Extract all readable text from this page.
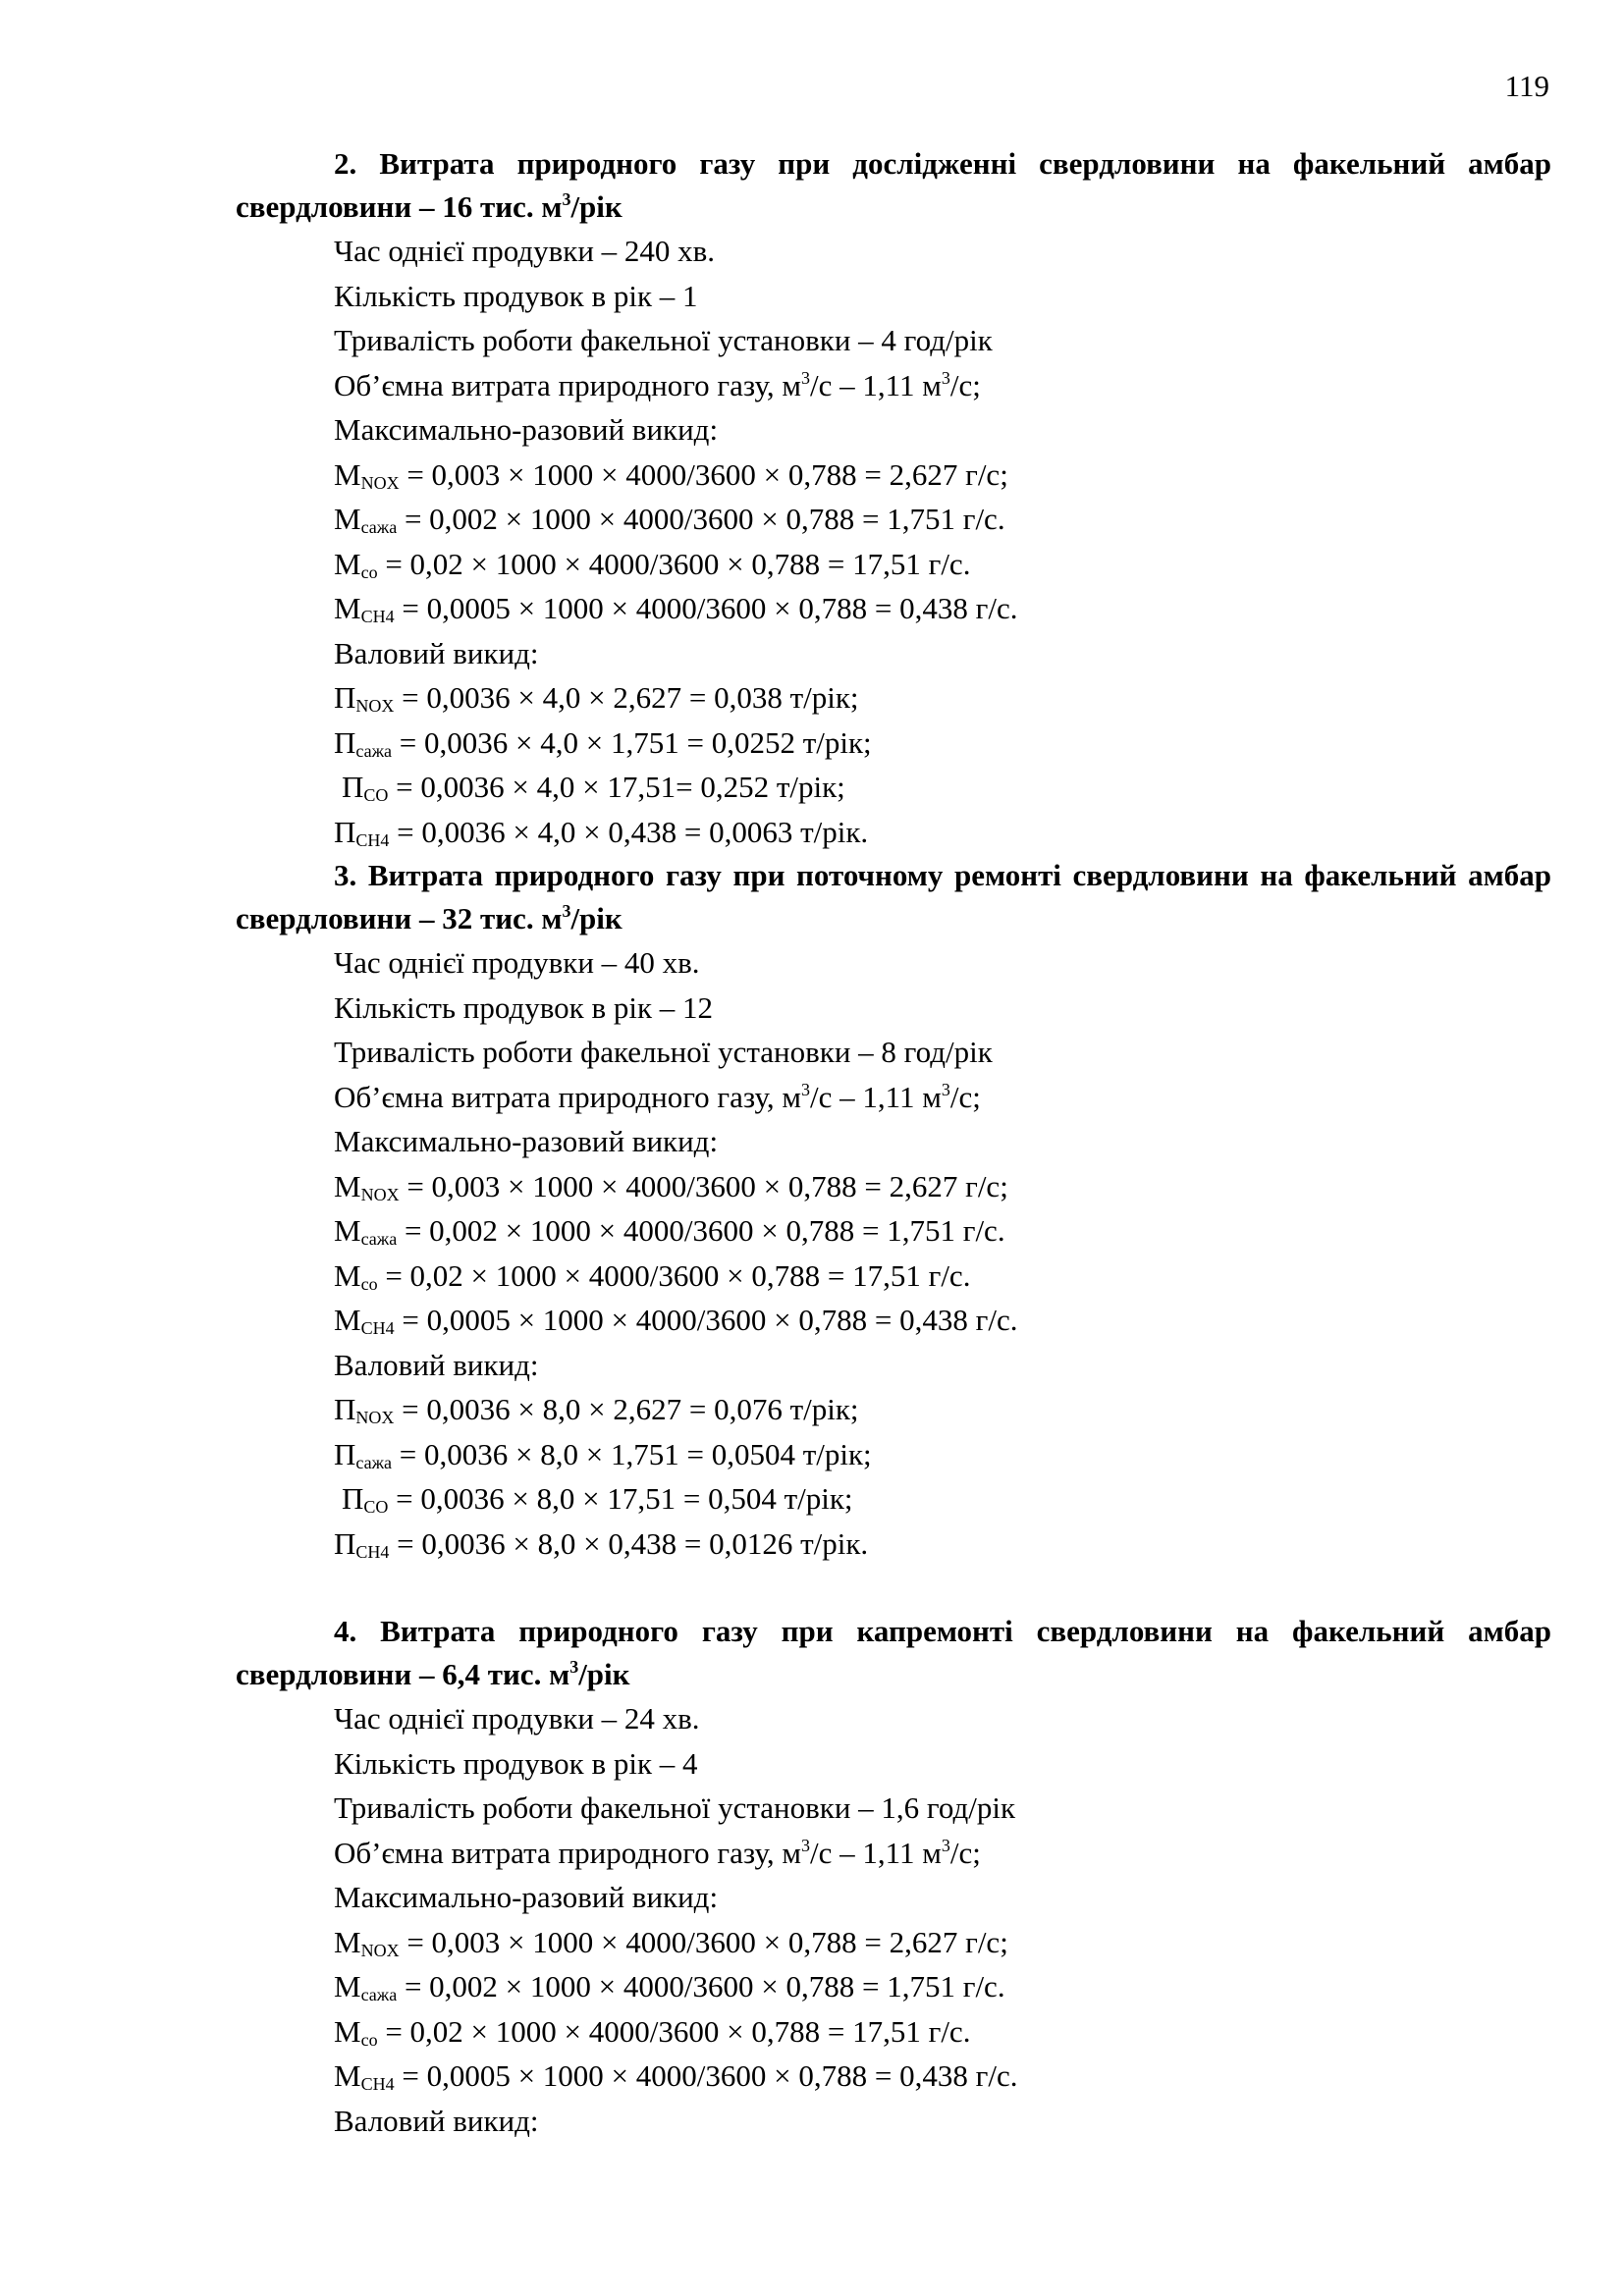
119

2. Витрата природного газу при дослідженні свердловини на факельний амбар свердловини – 16 тис. $м^3$/рік

Час однієї продувки – 240 хв.
Кількість продувок в рік – 1
Тривалість роботи факельної установки – 4 год/рік
Об’ємна витрата природного газу, $м^3/с - 1,11$ $м^3/с$;
Максимально-разовий викид:
$M_{NOX} = 0,003 \times 1000 \times 4000/3600 \times 0,788 = 2,627$ г/с;
$M_{сажа} = 0,002 \times 1000 \times 4000/3600 \times 0,788 = 1,751$ г/с.
$M_{со} = 0,02 \times 1000 \times 4000/3600 \times 0,788 = 17,51$ г/с.
$M_{CH4} = 0,0005 \times 1000 \times 4000/3600 \times 0,788 = 0,438$ г/с.
Валовий викид:
$П_{NOX} = 0,0036 \times 4,0 \times 2,627 = 0,038$ т/рік;
$П_{сажа} = 0,0036 \times 4,0 \times 1,751 = 0,0252$ т/рік;
$П_{CO} = 0,0036 \times 4,0 \times 17,51= 0,252$ т/рік;
$П_{CH4} = 0,0036 \times 4,0 \times 0,438 = 0,0063$ т/рік.

3. Витрата природного газу при поточному ремонті свердловини на факельний амбар свердловини – 32 тис. $м^3$/рік

Час однієї продувки – 40 хв.
Кількість продувок в рік – 12
Тривалість роботи факельної установки – 8 год/рік
Об’ємна витрата природного газу, $м^3/с - 1,11$ $м^3/с$;
Максимально-разовий викид:
$M_{NOX} = 0,003 \times 1000 \times 4000/3600 \times 0,788 = 2,627$ г/с;
$M_{сажа} = 0,002 \times 1000 \times 4000/3600 \times 0,788 = 1,751$ г/с.
$M_{со} = 0,02 \times 1000 \times 4000/3600 \times 0,788 = 17,51$ г/с.
$M_{CH4} = 0,0005 \times 1000 \times 4000/3600 \times 0,788 = 0,438$ г/с.
Валовий викид:
$П_{NOX} = 0,0036 \times 8,0 \times 2,627 = 0,076$ т/рік;
$П_{сажа} = 0,0036 \times 8,0 \times 1,751 = 0,0504$ т/рік;
$П_{CO} = 0,0036 \times 8,0 \times 17,51 = 0,504$ т/рік;
$П_{CH4} = 0,0036 \times 8,0 \times 0,438 = 0,0126$ т/рік.

4. Витрата природного газу при капремонті свердловини на факельний амбар свердловини – 6,4 тис. $м^3$/рік

Час однієї продувки – 24 хв.
Кількість продувок в рік – 4
Тривалість роботи факельної установки – 1,6 год/рік
Об’ємна витрата природного газу, $м^3/с - 1,11$ $м^3/с$;
Максимально-разовий викид:
$M_{NOX} = 0,003 \times 1000 \times 4000/3600 \times 0,788 = 2,627$ г/с;
$M_{сажа} = 0,002 \times 1000 \times 4000/3600 \times 0,788 = 1,751$ г/с.
$M_{со} = 0,02 \times 1000 \times 4000/3600 \times 0,788 = 17,51$ г/с.
$M_{CH4} = 0,0005 \times 1000 \times 4000/3600 \times 0,788 = 0,438$ г/с.
Валовий викид:
